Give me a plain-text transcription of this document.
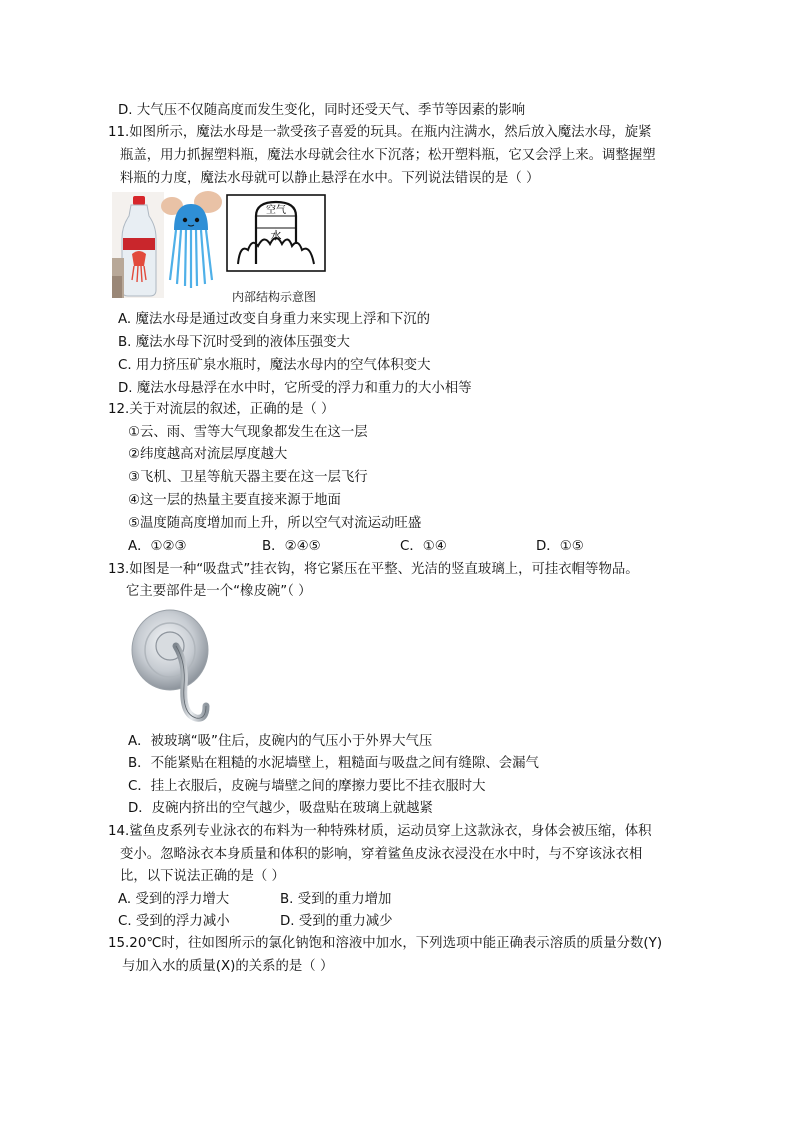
D. 大气压不仅随高度而发生变化，同时还受天气、季节等因素的影响
11.如图所示，魔法水母是一款受孩子喜爱的玩具。在瓶内注满水，然后放入魔法水母，旋紧
瓶盖，用力抓握塑料瓶，魔法水母就会往水下沉落；松开塑料瓶，它又会浮上来。调整握塑
料瓶的力度，魔法水母就可以静止悬浮在水中。下列说法错误的是（ ）
空气
水
内部结构示意图
A. 魔法水母是通过改变自身重力来实现上浮和下沉的
B. 魔法水母下沉时受到的液体压强变大
C. 用力挤压矿泉水瓶时，魔法水母内的空气体积变大
D. 魔法水母悬浮在水中时，它所受的浮力和重力的大小相等
12.关于对流层的叙述，正确的是（ ）
①云、雨、雪等大气现象都发生在这一层
②纬度越高对流层厚度越大
③飞机、卫星等航天器主要在这一层飞行
④这一层的热量主要直接来源于地面
⑤温度随高度增加而上升，所以空气对流运动旺盛
A．①②③	B．②④⑤	C．①④	D．①⑤
13.如图是一种“吸盘式”挂衣钩，将它紧压在平整、光洁的竖直玻璃上，可挂衣帽等物品。
它主要部件是一个“橡皮碗”（ ）
A．被玻璃“吸”住后，皮碗内的气压小于外界大气压
B．不能紧贴在粗糙的水泥墙壁上，粗糙面与吸盘之间有缝隙、会漏气
C．挂上衣服后，皮碗与墙壁之间的摩擦力要比不挂衣服时大
D．皮碗内挤出的空气越少，吸盘贴在玻璃上就越紧
14.鲨鱼皮系列专业泳衣的布料为一种特殊材质，运动员穿上这款泳衣，身体会被压缩，体积
变小。忽略泳衣本身质量和体积的影响，穿着鲨鱼皮泳衣浸没在水中时，与不穿该泳衣相
比，以下说法正确的是（ ）
A. 受到的浮力增大	B. 受到的重力增加
C. 受到的浮力减小	D. 受到的重力减少
15.20℃时，往如图所示的氯化钠饱和溶液中加水，下列选项中能正确表示溶质的质量分数(Y)
与加入水的质量(X)的关系的是（ ）
